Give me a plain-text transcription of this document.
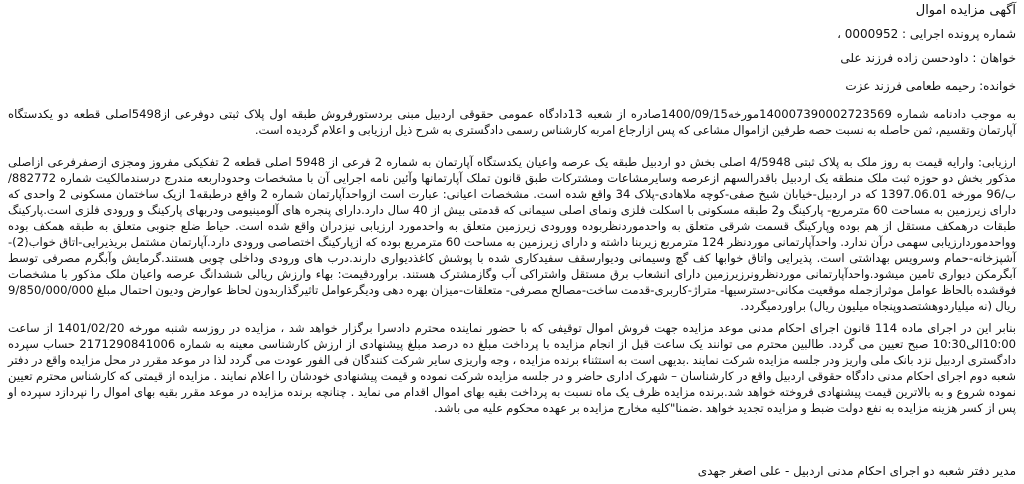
آگهی مزایده اموال

شماره پرونده اجرایی : 0000952 ،

خواهان : داودحسن زاده فرزند علی

خوانده: رحیمه طعامی فرزند عزت

به موجب دادنامه شماره 140007390002723569مورخه1400/09/15صادره از شعبه 13دادگاه عمومی حقوقی اردبیل مبنی بردستورفروش طبقه اول پلاک ثبتی دوفرعی از5498اصلی قطعه دو یکدستگاه آپارتمان وتقسیم، ثمن حاصله به نسبت حصه طرفین ازاموال مشاعی که پس ازارجاع امربه کارشناس رسمی دادگستری به شرح ذیل ارزیابی و اعلام گردیده است.

ارزیابی: وارایه قیمت به روز ملک به پلاک ثبتی 4/5948 اصلی بخش دو اردبیل طبقه یک عرصه واعیان یکدستگاه آپارتمان به شماره 2 فرعی از 5948 اصلی قطعه 2 تفکیکی مفروز ومجزی ازصفرفرعی ازاصلی مذکور بخش دو حوزه ثبت ملک منطقه یک اردبیل باقدرالسهم ازعرصه وسایرمشاعات ومشترکات طبق قانون تملک آپارتمانها وآئین نامه اجرایی آن با مشخصات وحدوداربعه مندرج درسندمالکیت شماره 882772/ب/96 مورخه 1397.06.01 که در اردبیل-خیابان شیخ صفی-کوچه ملاهادی-پلاک 34 واقع شده است. مشخصات اعیانی: عبارت است ازواحدآپارتمان شماره 2 واقع درطبقه1 ازیک ساختمان مسکونی 2 واحدی که دارای زیرزمین به مساحت 60 مترمربع- پارکینگ و2 طبقه مسکونی با اسکلت فلزی ونمای اصلی سیمانی که قدمتی بیش از 40 سال دارد.دارای پنجره های آلومینیومی ودربهای پارکینگ و ورودی فلزی است.پارکینگ طبقات درهمکف مستقل از هم بوده وپارکینگ قسمت شرقی متعلق به واحدموردنظربوده وورودی زیرزمین متعلق به واحدمورد ارزیابی نیزدران واقع شده است. حیاط ضلع جنوبی متعلق به طبقه همکف بوده وواحدموردارزیابی سهمی درآن ندارد. واحدآپارتمانی موردنظر 124 مترمربع زیربنا داشته و دارای زیرزمین به مساحت 60 مترمربع بوده که ازپارکینگ اختصاصی ورودی دارد.آپارتمان مشتمل بریذیرایی-اتاق خواب(2)-آشپزخانه-حمام وسرویس بهداشتی است. پذیرایی واتاق خوابها کف گچ وسیمانی ودیوارسقف سفیدکاری شده با پوشش کاغذدیواری دارند.درب های ورودی وداخلی چوبی هستند.گرمایش وآبگرم مصرفی توسط آبگرمکن دیواری تامین میشود.واحدآپارتمانی موردنظرونرزیرزمین دارای انشعاب برق مستقل واشتراکی آب وگازمشترک هستند. براوردقیمت: بهاء وارزش ریالی ششدانگ عرصه واعیان ملک مذکور با مشخصات فوقشده بالحاظ عوامل موثرازجمله موقعیت مکانی-دسترسیها- متراژ-کاربری-قدمت ساخت-مصالح مصرفی- متعلقات-میزان بهره دهی ودیگرعوامل تاثیرگذاربدون لحاظ عوارض ودیون احتمال مبلغ 9/850/000/000 ریال (نه میلیاردوهشتصدوپنجاه میلیون ریال) براوردمیگردد.

بنابر این در اجرای ماده 114 قانون اجرای احکام مدنی موعد مزایده جهت فروش اموال توقیفی که با حضور نماینده محترم دادسرا برگزار خواهد شد ، مزایده در روزسه شنبه مورخه 1401/02/20 از ساعت 10:00الی10:30 صبح تعیین می گردد. طالبین محترم می توانند یک ساعت قبل از انجام مزایده با پرداخت مبلغ ده درصد مبلغ پیشنهادی از ارزش کارشناسی معینه به شماره 2171290841006 حساب سپرده دادگستری اردبیل نزد بانک ملی واریز ودر جلسه مزایده شرکت نمایند .بدیهی است به استثناء برنده مزایده ، وجه واریزی سایر شرکت کنندگان فی الفور عودت می گردد لذا در موعد مقرر در محل مزایده واقع در دفتر شعبه دوم اجرای احکام مدنی دادگاه حقوقی اردبیل واقع در کارشناسان – شهرک اداری حاضر و در جلسه مزایده شرکت نموده و قیمت پیشنهادی خودشان را اعلام نمایند . مزایده از قیمتی که کارشناس محترم تعیین نموده شروع و به بالاترین قیمت پیشنهادی فروخته خواهد شد.برنده مزایده ظرف یک ماه نسبت به پرداخت بقیه بهای اموال اقدام می نماید . چنانچه برنده مزایده در موعد مقرر بقیه بهای اموال را نپردازد سپرده او پس از کسر هزینه مزایده به نفع دولت ضبط و مزایده تجدید خواهد .ضمنا"کلیه مخارج مزایده بر عهده محکوم علیه می باشد.

مدیر دفتر شعبه دو اجرای احکام مدنی اردبیل - علی اصغر جهدی
